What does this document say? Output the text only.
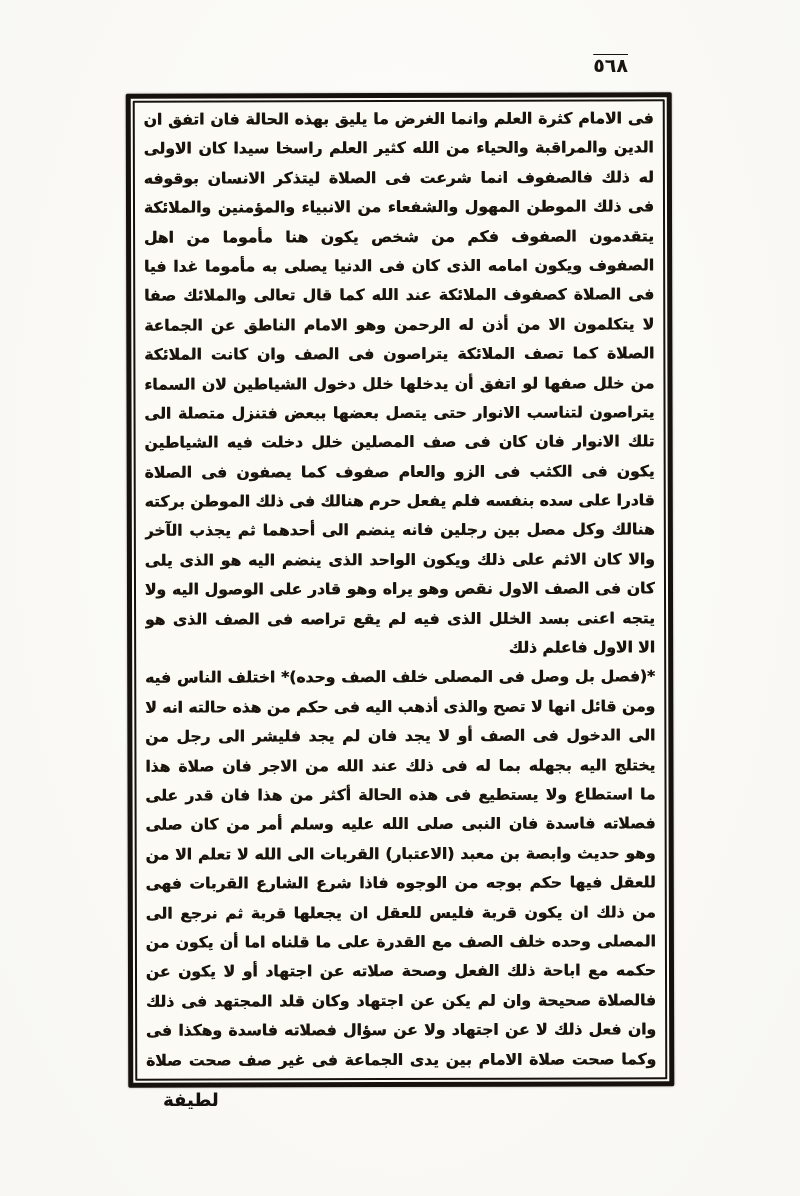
٥٦٨
فى الامام كثرة العلم وانما الغرض ما يليق بهذه الحالة فان اتفق ان
الدين والمراقبة والحياء من الله كثير العلم راسخا سيدا كان الاولى
له ذلك فالصفوف انما شرعت فى الصلاة ليتذكر الانسان بوقوفه
فى ذلك الموطن المهول والشفعاء من الانبياء والمؤمنين والملائكة
يتقدمون الصفوف فكم من شخص يكون هنا مأموما من اهل
الصفوف ويكون امامه الذى كان فى الدنيا يصلى به مأموما غدا فيا
فى الصلاة كصفوف الملائكة عند الله كما قال تعالى والملائك صفا
لا يتكلمون الا من أذن له الرحمن وهو الامام الناطق عن الجماعة
الصلاة كما تصف الملائكة يتراصون فى الصف وان كانت الملائكة
من خلل صفها لو اتفق أن يدخلها خلل دخول الشياطين لان السماء
يتراصون لتناسب الانوار حتى يتصل بعضها ببعض فتنزل متصلة الى
تلك الانوار فان كان فى صف المصلين خلل دخلت فيه الشياطين
يكون فى الكثب فى الزو والعام صفوف كما يصفون فى الصلاة
قادرا على سده بنفسه فلم يفعل حرم هنالك فى ذلك الموطن بركته
هنالك وكل مصل بين رجلين فانه ينضم الى أحدهما ثم يجذب الآخر
والا كان الاثم على ذلك ويكون الواحد الذى ينضم اليه هو الذى يلى
كان فى الصف الاول نقص وهو يراه وهو قادر على الوصول اليه ولا
يتجه اعنى بسد الخلل الذى فيه لم يقع تراصه فى الصف الذى هو
الا الاول فاعلم ذلك
*(فصل بل وصل فى المصلى خلف الصف وحده)* اختلف الناس فيه
ومن قائل انها لا تصح والذى أذهب اليه فى حكم من هذه حالته انه لا
الى الدخول فى الصف أو لا يجد فان لم يجد فليشر الى رجل من
يختلج اليه بجهله بما له فى ذلك عند الله من الاجر فان صلاة هذا
ما استطاع ولا يستطيع فى هذه الحالة أكثر من هذا فان قدر على
فصلاته فاسدة فان النبى صلى الله عليه وسلم أمر من كان صلى
وهو حديث وابصة بن معبد (الاعتبار) القربات الى الله لا تعلم الا من
للعقل فيها حكم بوجه من الوجوه فاذا شرع الشارع القربات فهى
من ذلك ان يكون قربة فليس للعقل ان يجعلها قربة ثم نرجع الى
المصلى وحده خلف الصف مع القدرة على ما قلناه اما أن يكون من
حكمه مع اباحة ذلك الفعل وصحة صلاته عن اجتهاد أو لا يكون عن
فالصلاة صحيحة وان لم يكن عن اجتهاد وكان قلد المجتهد فى ذلك
وان فعل ذلك لا عن اجتهاد ولا عن سؤال فصلاته فاسدة وهكذا فى
وكما صحت صلاة الامام بين يدى الجماعة فى غير صف صحت صلاة
لطيفة
